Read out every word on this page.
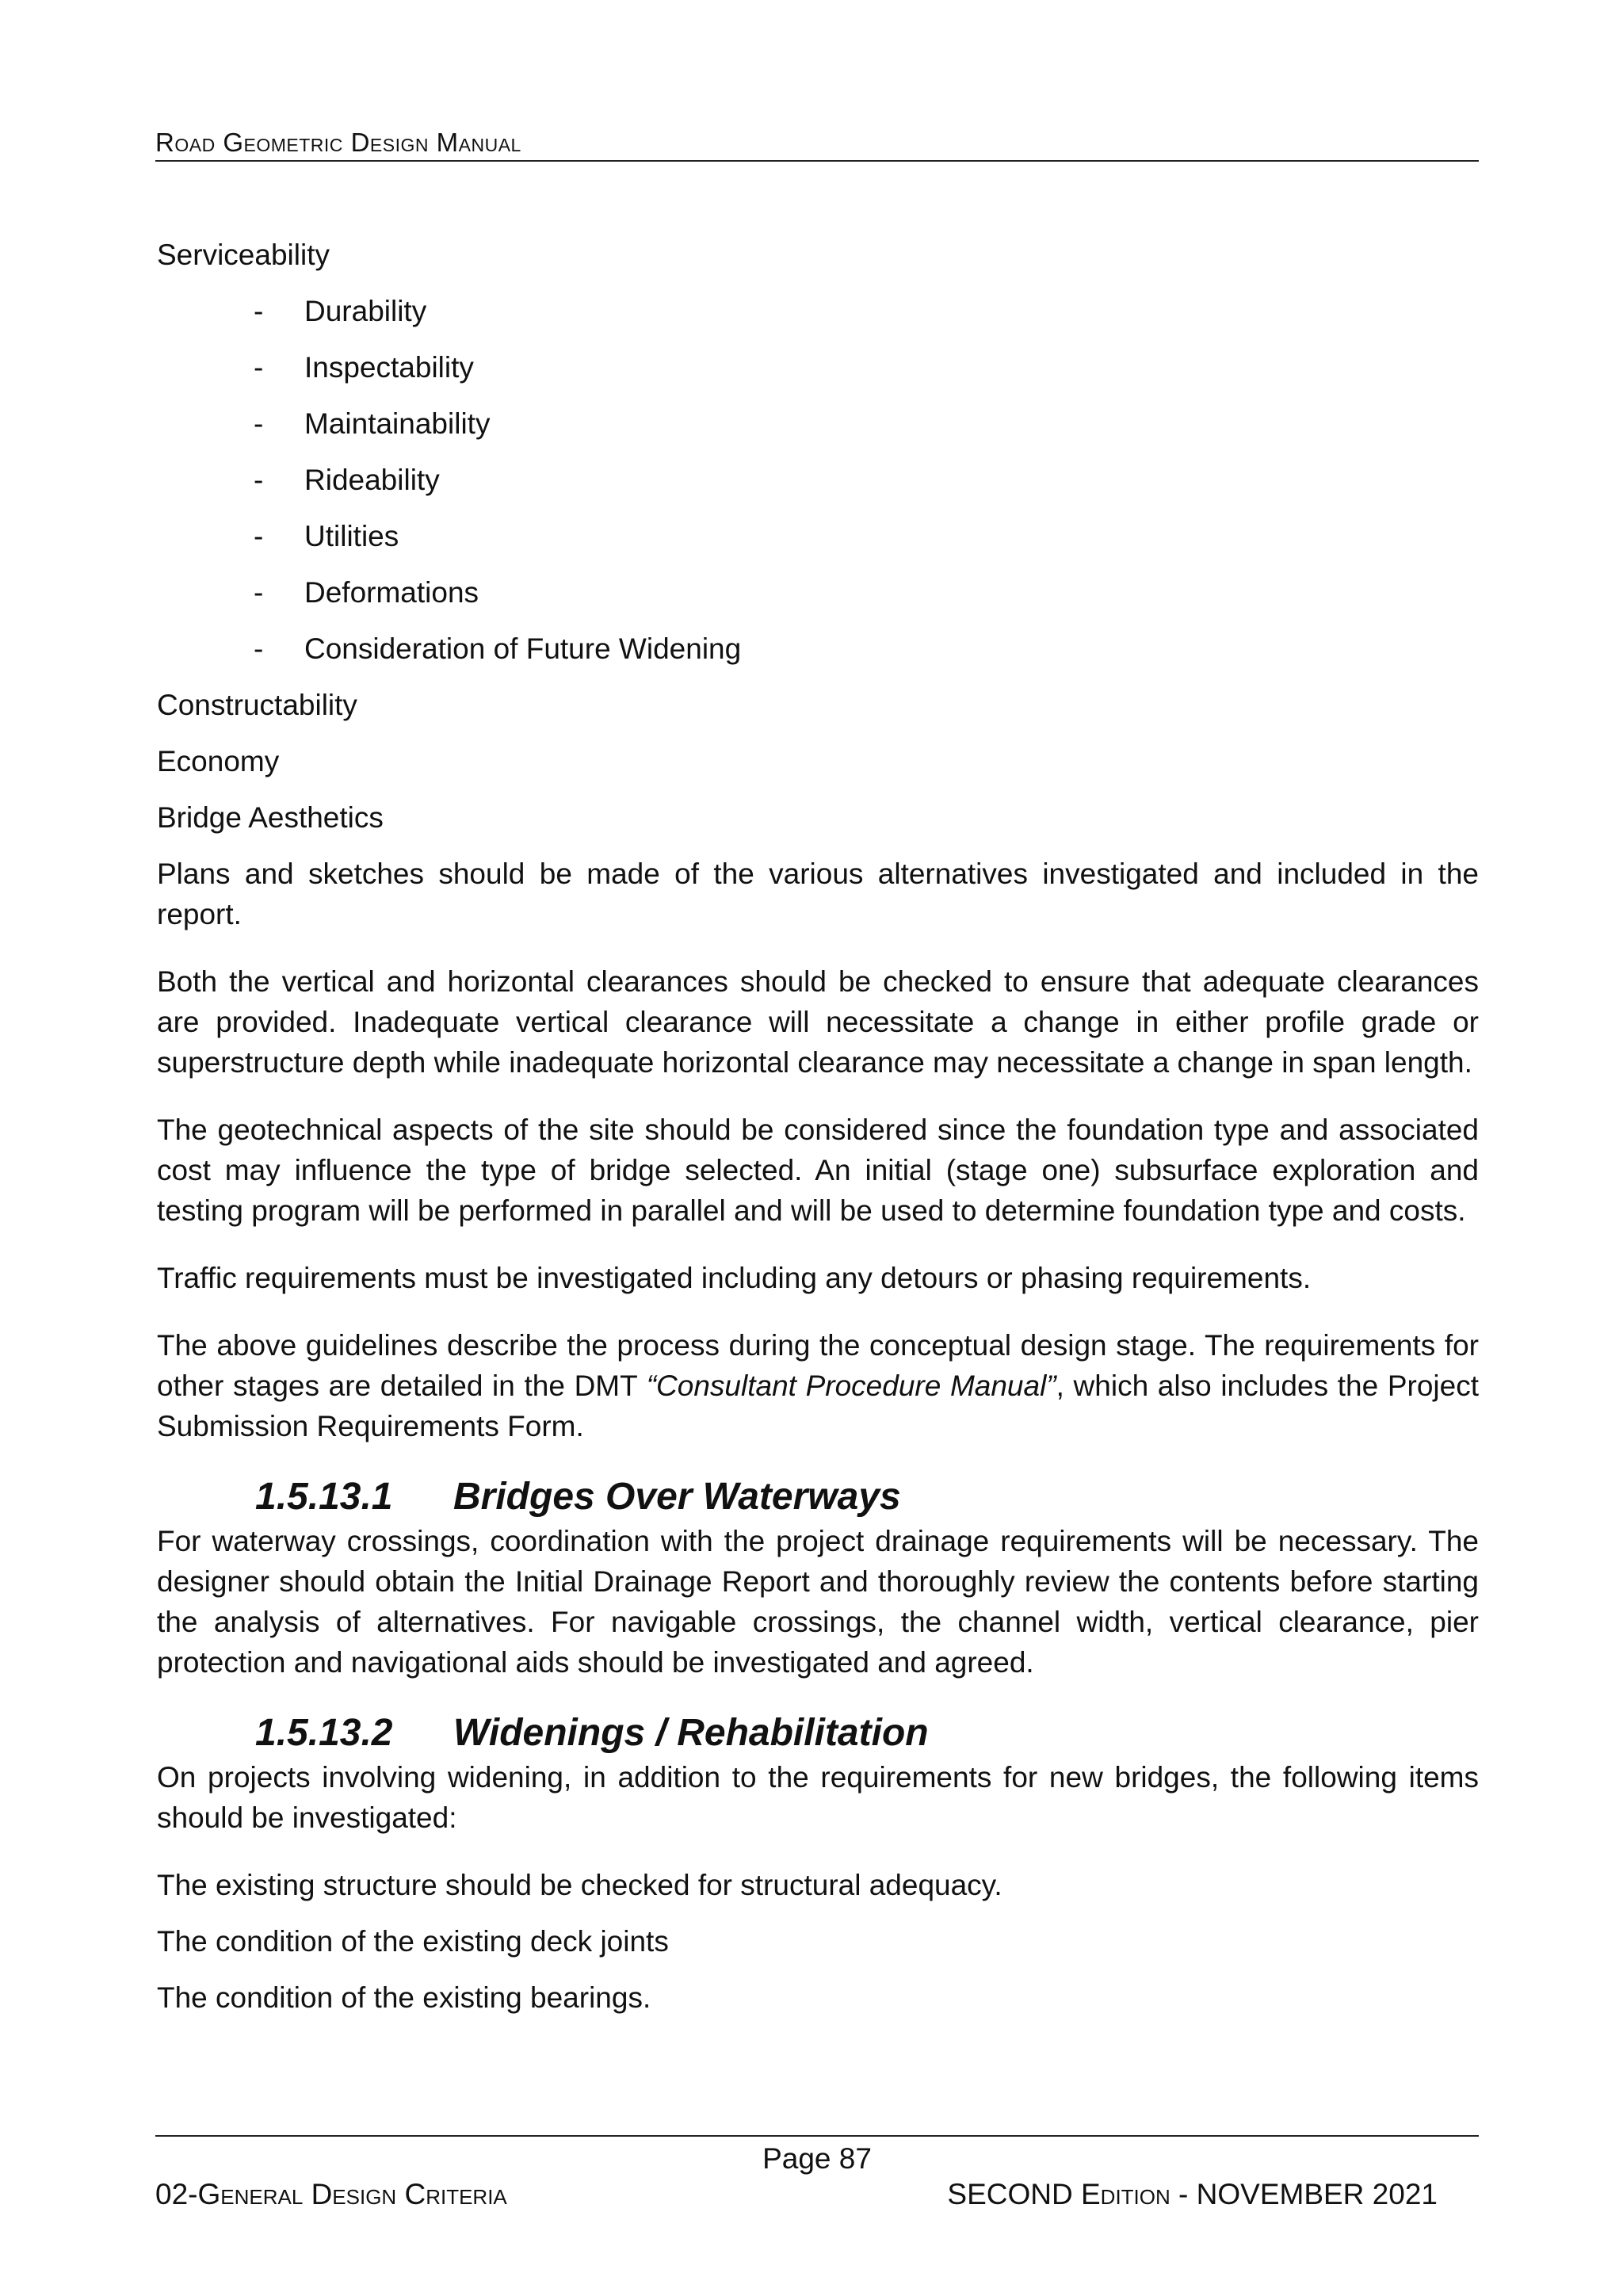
Road Geometric Design Manual

Serviceability

- Durability
- Inspectability
- Maintainability
- Rideability
- Utilities
- Deformations
- Consideration of Future Widening

Constructability

Economy

Bridge Aesthetics

Plans and sketches should be made of the various alternatives investigated and included in the report.

Both the vertical and horizontal clearances should be checked to ensure that adequate clearances are provided. Inadequate vertical clearance will necessitate a change in either profile grade or superstructure depth while inadequate horizontal clearance may necessitate a change in span length.

The geotechnical aspects of the site should be considered since the foundation type and associated cost may influence the type of bridge selected. An initial (stage one) subsurface exploration and testing program will be performed in parallel and will be used to determine foundation type and costs.

Traffic requirements must be investigated including any detours or phasing requirements.

The above guidelines describe the process during the conceptual design stage. The requirements for other stages are detailed in the DMT “Consultant Procedure Manual”, which also includes the Project Submission Requirements Form.

1.5.13.1 Bridges Over Waterways

For waterway crossings, coordination with the project drainage requirements will be necessary. The designer should obtain the Initial Drainage Report and thoroughly review the contents before starting the analysis of alternatives. For navigable crossings, the channel width, vertical clearance, pier protection and navigational aids should be investigated and agreed.

1.5.13.2 Widenings / Rehabilitation

On projects involving widening, in addition to the requirements for new bridges, the following items should be investigated:

The existing structure should be checked for structural adequacy.

The condition of the existing deck joints

The condition of the existing bearings.

Page 87
02-General Design Criteria	SECOND Edition - NOVEMBER 2021
